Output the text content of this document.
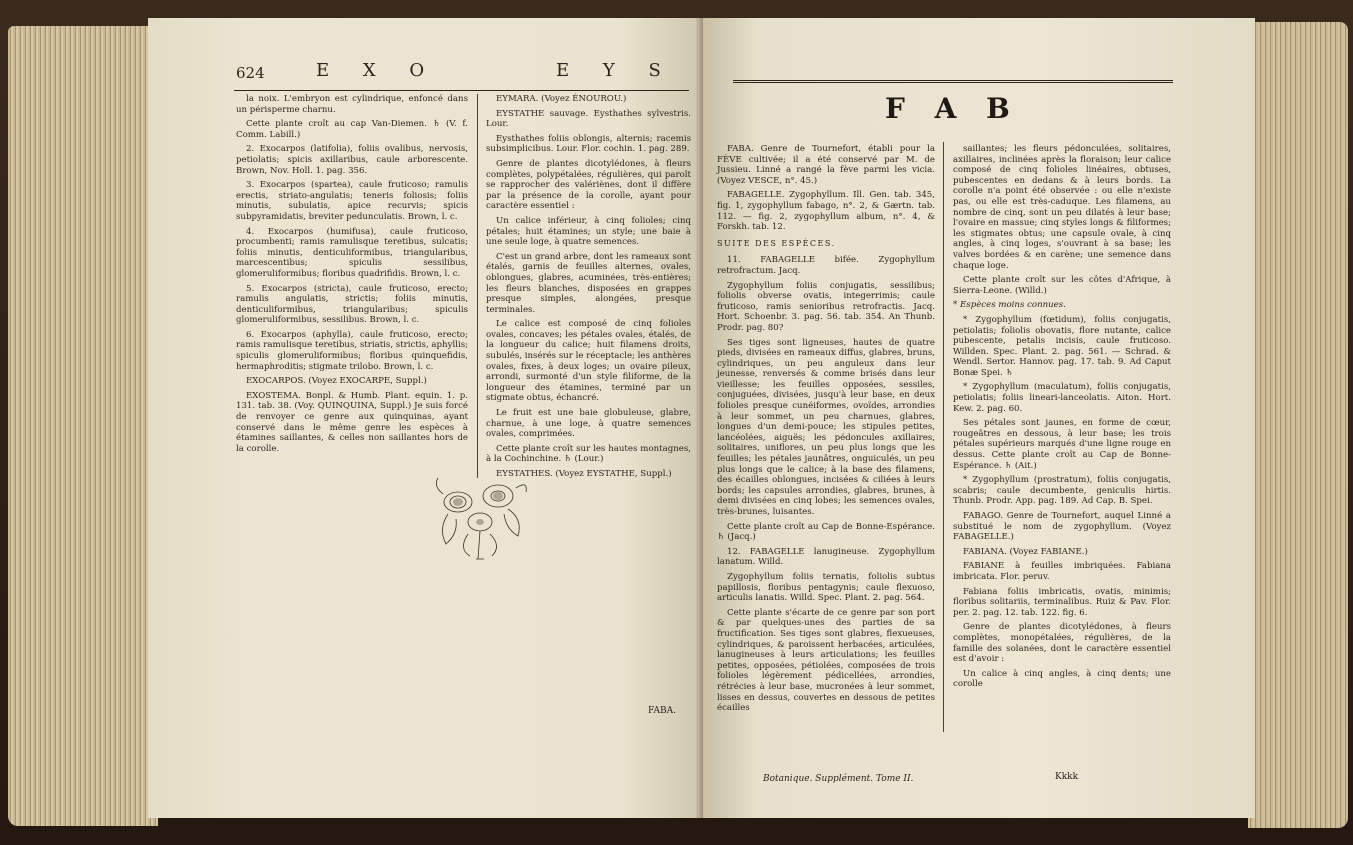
624	E X O	E Y S

la noix. L'embryon est cylindrique, enfoncé dans un périsperme charnu.

Cette plante croît au cap Van-Diemen. ♄ (V. f. Comm. Labill.)

2. Exocarpos (latifolia), foliis ovalibus, nervosis, petiolatis; spicis axillaribus, caule arborescente. Brown, Nov. Holl. 1. pag. 356.

3. Exocarpos (spartea), caule fruticoso; ramulis erectis, striato-angulatis; teneris foliosis; foliis minutis, subulatis, apice recurvis; spicis subpyramidatis, breviter pedunculatis. Brown, l. c.

4. Exocarpos (humifusa), caule fruticoso, procumbenti; ramis ramulisque teretibus, sulcatis; foliis minutis, denticuliformibus, triangularibus, marcescentibus; spiculis sessilibus, glomeruliformibus; floribus quadrifidis. Brown, l. c.

5. Exocarpos (stricta), caule fruticoso, erecto; ramulis angulatis, strictis; foliis minutis, denticuliformibus, triangularibus; spiculis glomeruliformibus, sessilibus. Brown, l. c.

6. Exocarpos (aphylla), caule fruticoso, erecto; ramis ramulisque teretibus, striatis, strictis, aphyllis; spiculis glomeruliformibus; floribus quinquefidis, hermaphroditis; stigmate trilobo. Brown, l. c.

EXOCARPOS. (Voyez EXOCARPE, Suppl.)

EXOSTEMA. Bonpl. & Humb. Plant. equin. 1. p. 131. tab. 38. (Voy. QUINQUINA, Suppl.) Je suis forcé de renvoyer ce genre aux quinquinas, ayant conservé dans le même genre les espèces à étamines saillantes, & celles non saillantes hors de la corolle.

EYMARA. (Voyez ÉNOUROU.)

EYSTATHE sauvage. Eysthathes sylvestris. Lour.

Eysthathes foliis oblongis, alternis; racemis subsimplicibus. Lour. Flor. cochin. 1. pag. 289.

Genre de plantes dicotylédones, à fleurs complètes, polypétalées, régulières, qui paroît se rapprocher des valériènes, dont il diffère par la présence de la corolle, ayant pour caractère essentiel :

Un calice inférieur, à cinq folioles; cinq pétales; huit étamines; un style; une baie à une seule loge, à quatre semences.

C'est un grand arbre, dont les rameaux sont étalés, garnis de feuilles alternes, ovales, oblongues, glabres, acuminées, très-entières; les fleurs blanches, disposées en grappes presque simples, alongées, presque terminales.

Le calice est composé de cinq folioles ovales, concaves; les pétales ovales, étalés, de la longueur du calice; huit filamens droits, subulés, insérés sur le réceptacle; les anthères ovales, fixes, à deux loges; un ovaire pileux, arrondi, surmonté d'un style filiforme, de la longueur des étamines, terminé par un stigmate obtus, échancré.

Le fruit est une baie globuleuse, glabre, charnue, à une loge, à quatre semences ovales, comprimées.

Cette plante croît sur les hautes montagnes, à la Cochinchine. ♄ (Lour.)

EYSTATHES. (Voyez EYSTATHE, Suppl.)

FABA.
F A B

FABA. Genre de Tournefort, établi pour la FÈVE cultivée; il a été conservé par M. de Jussieu. Linné a rangé la fève parmi les vicia. (Voyez VESCE, n°. 45.)

FABAGELLE. Zygophyllum. Ill. Gen. tab. 345, fig. 1, zygophyllum fabago, n°. 2, & Gærtn. tab. 112. — fig. 2, zygophyllum album, n°. 4, & Forskh. tab. 12.

SUITE DES ESPÈCES.

11. FABAGELLE bifée. Zygophyllum retrofractum. Jacq.

Zygophyllum foliis conjugatis, sessilibus; foliolis obverse ovatis, integerrimis; caule fruticoso, ramis senioribus retrofractis. Jacq. Hort. Schoenbr. 3. pag. 56. tab. 354. An Thunb. Prodr. pag. 80?

Ses tiges sont ligneuses, hautes de quatre pieds, divisées en rameaux diffus, glabres, bruns, cylindriques, un peu anguleux dans leur jeunesse, renversés & comme brisés dans leur vieillesse; les feuilles opposées, sessiles, conjuguées, divisées, jusqu'à leur base, en deux folioles presque cunéiformes, ovoïdes, arrondies à leur sommet, un peu charnues, glabres, longues d'un demi-pouce; les stipules petites, lancéolées, aiguës; les pédoncules axillaires, solitaires, uniflores, un peu plus longs que les feuilles; les pétales jaunâtres, onguiculés, un peu plus longs que le calice; à la base des filamens, des écailles oblongues, incisées & ciliées à leurs bords; les capsules arrondies, glabres, brunes, à demi divisées en cinq lobes; les semences ovales, très-brunes, luisantes.

Cette plante croît au Cap de Bonne-Espérance. ♄ (Jacq.)

12. FABAGELLE lanugineuse. Zygophyllum lanatum. Willd.

Zygophyllum foliis ternatis, foliolis subtus papillosis, floribus pentagynis; caule flexuoso, articulis lanatis. Willd. Spec. Plant. 2. pag. 564.

Cette plante s'écarte de ce genre par son port & par quelques-unes des parties de sa fructification. Ses tiges sont glabres, flexueuses, cylindriques, & paroissent herbacées, articulées, lanugineuses à leurs articulations; les feuilles petites, opposées, pétiolées, composées de trois folioles légèrement pédicellées, arrondies, rétrécies à leur base, mucronées à leur sommet, lisses en dessus, couvertes en dessous de petites écailles

saillantes; les fleurs pédonculées, solitaires, axillaires, inclinées après la floraison; leur calice composé de cinq folioles linéaires, obtuses, pubescentes en dedans & à leurs bords. La corolle n'a point été observée : ou elle n'existe pas, ou elle est très-caduque. Les filamens, au nombre de cinq, sont un peu dilatés à leur base; l'ovaire en massue; cinq styles longs & filiformes; les stigmates obtus; une capsule ovale, à cinq angles, à cinq loges, s'ouvrant à sa base; les valves bordées & en carène; une semence dans chaque loge.

Cette plante croît sur les côtes d'Afrique, à Sierra-Leone. (Willd.)

* Espèces moins connues.

* Zygophyllum (fœtidum), foliis conjugatis, petiolatis; foliolis obovatis, flore nutante, calice pubescente, petalis incisis, caule fruticoso. Willden. Spec. Plant. 2. pag. 561. — Schrad. & Wendl. Sertor. Hannov. pag. 17. tab. 9. Ad Caput Bonæ Spei. ♄

* Zygophyllum (maculatum), foliis conjugatis, petiolatis; foliis lineari-lanceolatis. Aiton. Hort. Kew. 2. pag. 60.

Ses pétales sont jaunes, en forme de cœur, rougeâtres en dessous, à leur base; les trois pétales supérieurs marqués d'une ligne rouge en dessus. Cette plante croît au Cap de Bonne-Espérance. ♄ (Ait.)

* Zygophyllum (prostratum), foliis conjugatis, scabris; caule decumbente, geniculis hirtis. Thunb. Prodr. App. pag. 189. Ad Cap. B. Spei.

FABAGO. Genre de Tournefort, auquel Linné a substitué le nom de zygophyllum. (Voyez FABAGELLE.)

FABIANA. (Voyez FABIANE.)

FABIANE à feuilles imbriquées. Fabiana imbricata. Flor. peruv.

Fabiana foliis imbricatis, ovatis, minimis; floribus solitariis, terminalibus. Ruiz & Pav. Flor. per. 2. pag. 12. tab. 122. fig. 6.

Genre de plantes dicotylédones, à fleurs complètes, monopétalées, régulières, de la famille des solanées, dont le caractère essentiel est d'avoir :

Un calice à cinq angles, à cinq dents; une corolle

Botanique. Supplément. Tome II.	Kkkk
